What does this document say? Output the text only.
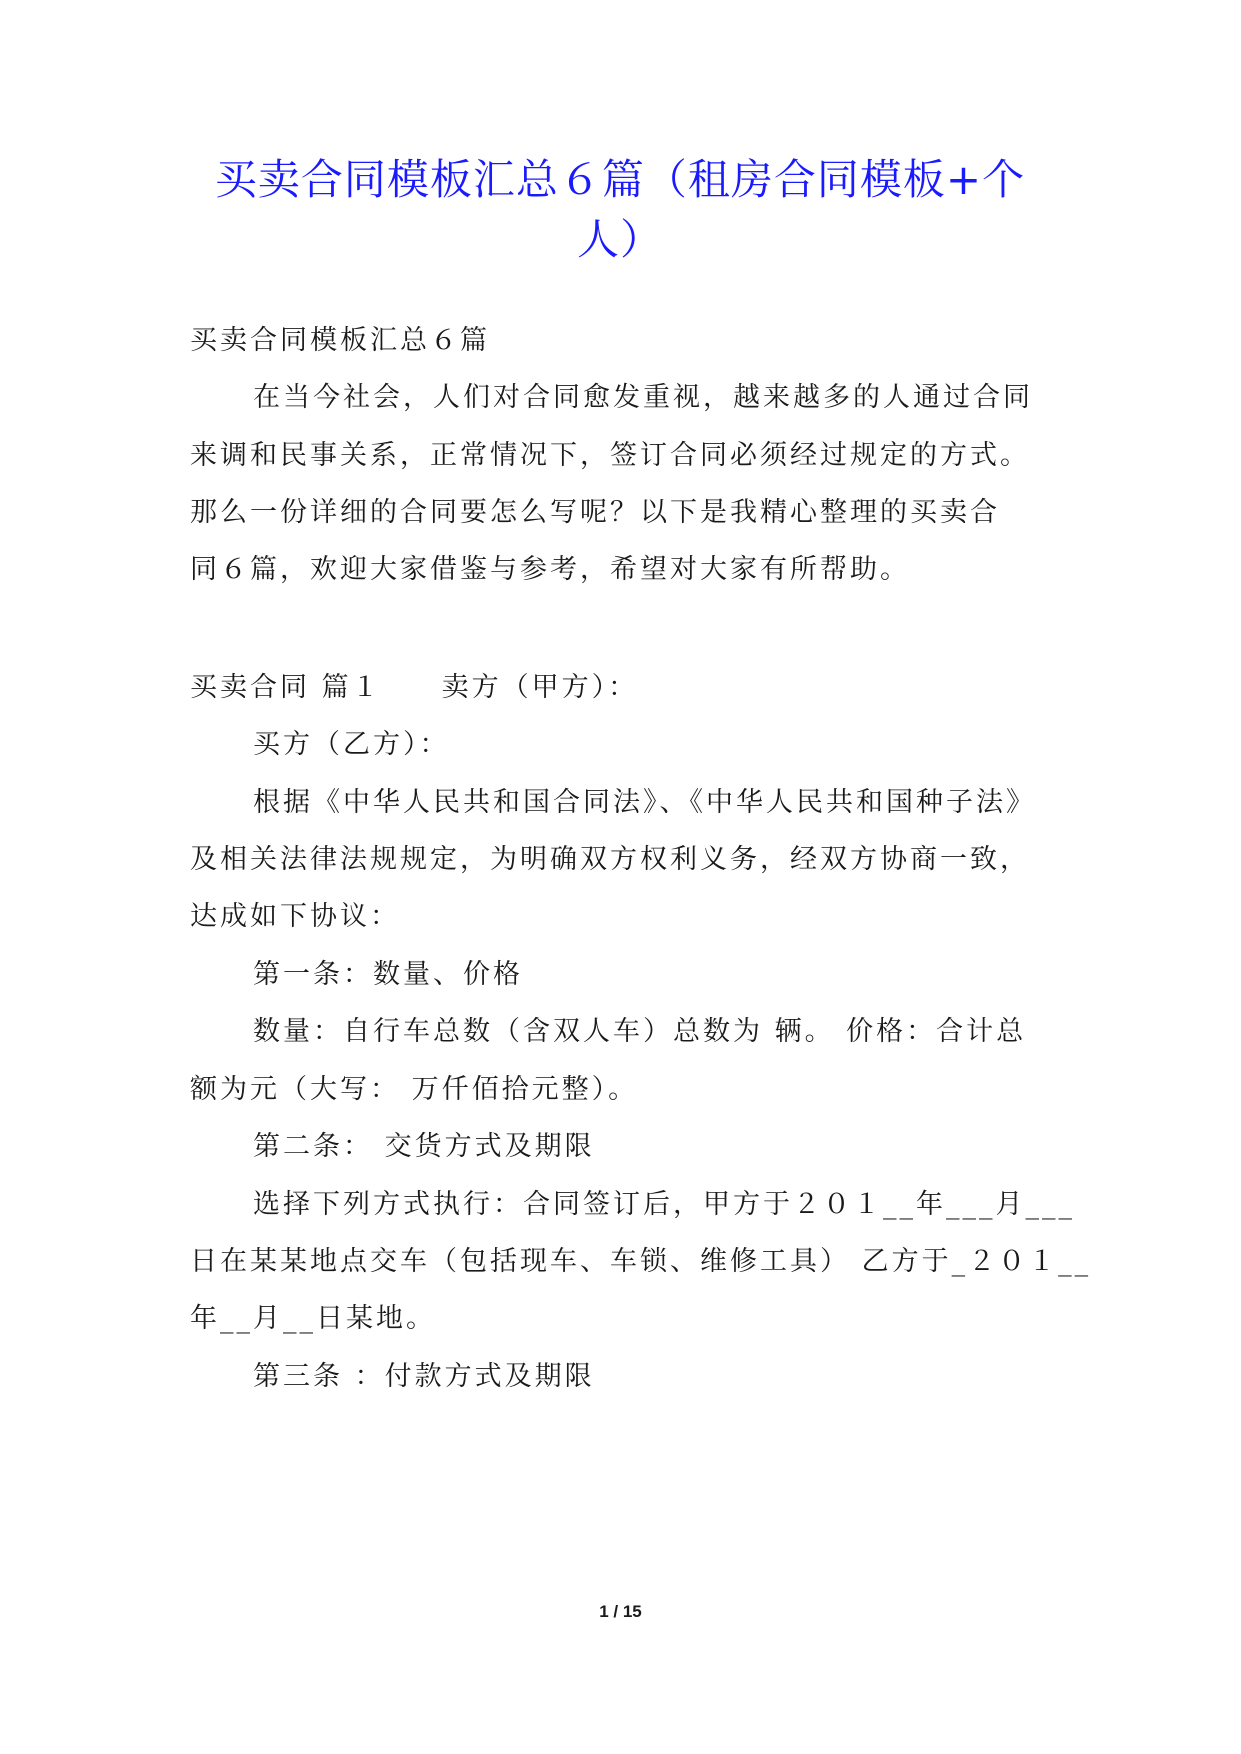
买卖合同模板汇总６篇（租房合同模板+个
人）
买卖合同模板汇总６篇
在当今社会，人们对合同愈发重视，越来越多的人通过合同
来调和民事关系，正常情况下，签订合同必须经过规定的方式。
那么一份详细的合同要怎么写呢？以下是我精心整理的买卖合
同６篇，欢迎大家借鉴与参考，希望对大家有所帮助。
买卖合同 篇１ 卖方（甲方）：
买方（乙方）：
根据《中华人民共和国合同法》、《中华人民共和国种子法》
及相关法律法规规定，为明确双方权利义务，经双方协商一致，
达成如下协议：
第一条：数量、价格
数量：自行车总数（含双人车）总数为 辆。 价格：合计总
额为元（大写： 万仟佰拾元整）。
第二条： 交货方式及期限
选择下列方式执行：合同签订后，甲方于２０１__年___月___
日在某某地点交车（包括现车、车锁、维修工具） 乙方于_２０１__
年__月__日某地。
第三条 ：付款方式及期限
1 / 15
